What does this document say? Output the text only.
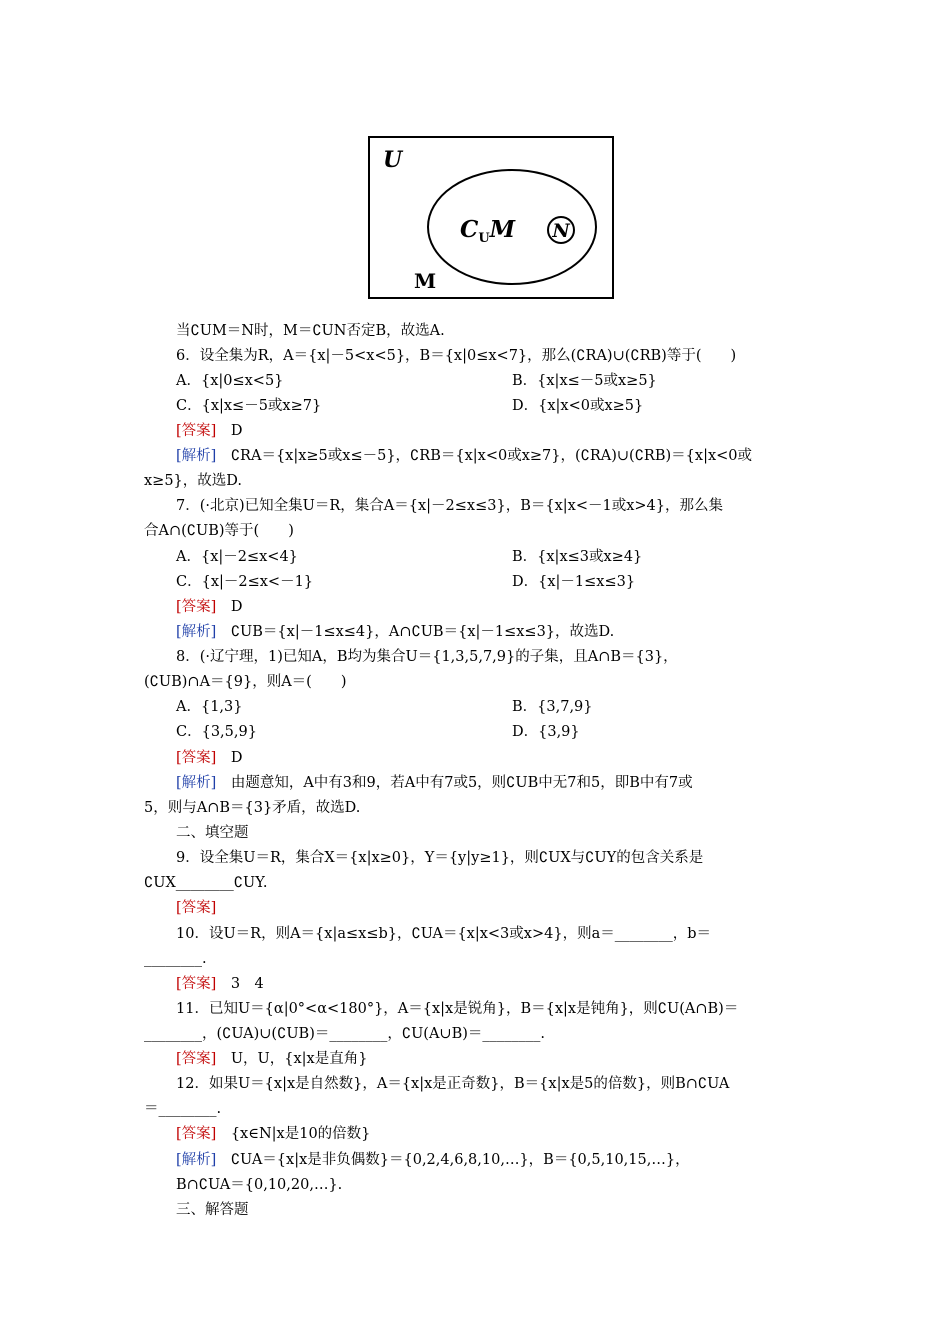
U
M
$C_UM$ N
当∁UM＝N时，M＝∁UN否定B，故选A.
6．设全集为R，A＝{x|－5<x<5}，B＝{x|0≤x<7}，那么(∁RA)∪(∁RB)等于(　　)
A．{x|0≤x<5}	B．{x|x≤－5或x≥5}
C．{x|x≤－5或x≥7}	D．{x|x<0或x≥5}
[答案]　D
[解析]　∁RA＝{x|x≥5或x≤－5}，∁RB＝{x|x<0或x≥7}，(∁RA)∪(∁RB)＝{x|x<0或
x≥5}，故选D.
7．(·北京)已知全集U＝R，集合A＝{x|－2≤x≤3}，B＝{x|x<－1或x>4}，那么集
合A∩(∁UB)等于(　　)
A．{x|－2≤x<4}	B．{x|x≤3或x≥4}
C．{x|－2≤x<－1}	D．{x|－1≤x≤3}
[答案]　D
[解析]　∁UB＝{x|－1≤x≤4}，A∩∁UB＝{x|－1≤x≤3}，故选D.
8．(·辽宁理，1)已知A，B均为集合U＝{1,3,5,7,9}的子集，且A∩B＝{3}，
(∁UB)∩A＝{9}，则A＝(　　)
A．{1,3}	B．{3,7,9}
C．{3,5,9}	D．{3,9}
[答案]　D
[解析]　由题意知，A中有3和9，若A中有7或5，则∁UB中无7和5，即B中有7或
5，则与A∩B＝{3}矛盾，故选D.
二、填空题
9．设全集U＝R，集合X＝{x|x≥0}，Y＝{y|y≥1}，则∁UX与∁UY的包含关系是
∁UX________∁UY.
[答案]
10．设U＝R，则A＝{x|a≤x≤b}，∁UA＝{x|x<3或x>4}，则a＝________，b＝
________.
[答案]　3　4
11．已知U＝{α|0°<α<180°}，A＝{x|x是锐角}，B＝{x|x是钝角}，则∁U(A∩B)＝
________，(∁UA)∪(∁UB)＝________，∁U(A∪B)＝________.
[答案]　U，U，{x|x是直角}
12．如果U＝{x|x是自然数}，A＝{x|x是正奇数}，B＝{x|x是5的倍数}，则B∩∁UA
＝________.
[答案]　{x∈N|x是10的倍数}
[解析]　∁UA＝{x|x是非负偶数}＝{0,2,4,6,8,10,…}，B＝{0,5,10,15,…}，
B∩∁UA＝{0,10,20,…}.
三、解答题
